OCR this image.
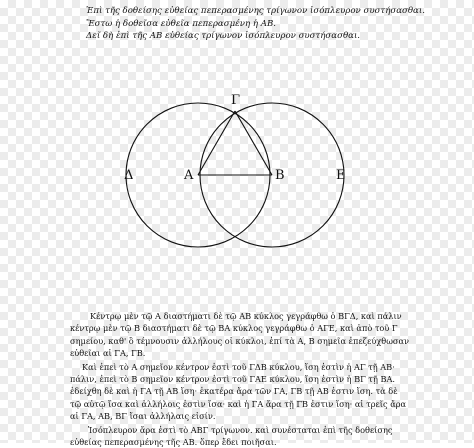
Ἐπὶ τῆς δοθείσης εὐθείας πεπερασμένης τρίγωνον ἰσόπλευρον συστήσασθαι.
Ἔστω ἡ δοθεῖσα εὐθεῖα πεπερασμένη ἡ ΑΒ.
Δεῖ δὴ ἐπὶ τῆς ΑΒ εὐθείας τρίγωνον ἰσόπλευρον συστήσασθαι.
Γ
Α	Β
Δ	Ε

Κέντρῳ μὲν τῷ Α διαστήματι δὲ τῷ ΑΒ κύκλος γεγράφθω ὁ ΒΓΔ, καὶ πάλιν κέντρῳ μὲν τῷ Β διαστήματι δὲ τῷ ΒΑ κύκλος γεγράφθω ὁ ΑΓΕ, καὶ ἀπὸ τοῦ Γ σημείου, καθ' ὃ τέμνουσιν ἀλλήλους οἱ κύκλοι, ἐπί τὰ Α, Β σημεῖα ἐπεζεύχθωσαν εὐθεῖαι αἱ ΓΑ, ΓΒ.

Καὶ ἐπεὶ τὸ Α σημεῖον κέντρον ἐστὶ τοῦ ΓΔΒ κύκλου, ἴση ἐστὶν ἡ ΑΓ τῇ ΑΒ· πάλιν, ἐπεὶ τὸ Β σημεῖον κέντρον ἐστὶ τοῦ ΓΑΕ κύκλου, ἴση ἐστὶν ἡ ΒΓ τῇ ΒΑ. ἐδείχθη δὲ καὶ ἡ ΓΑ τῇ ΑΒ ἴση· ἑκατέρα ἄρα τῶν ΓΑ, ΓΒ τῇ ΑΒ ἐστιν ἴση. τὰ δὲ τῷ αὐτῷ ἴσα καὶ ἀλλήλοις ἐστὶν ἴσα· καὶ ἡ ΓΑ ἄρα τῇ ΓΒ ἐστιν ἴση· αἱ τρεῖς ἄρα αἱ ΓΑ, ΑΒ, ΒΓ ἴσαι ἀλλήλαις εἰσίν.

Ἰσόπλευρον ἄρα ἐστὶ τὸ ΑΒΓ τρίγωνον. καὶ συνέσταται ἐπὶ τῆς δοθείσης εὐθείας πεπερασμένης τῆς ΑΒ. ὅπερ ἔδει ποιῆσαι.
